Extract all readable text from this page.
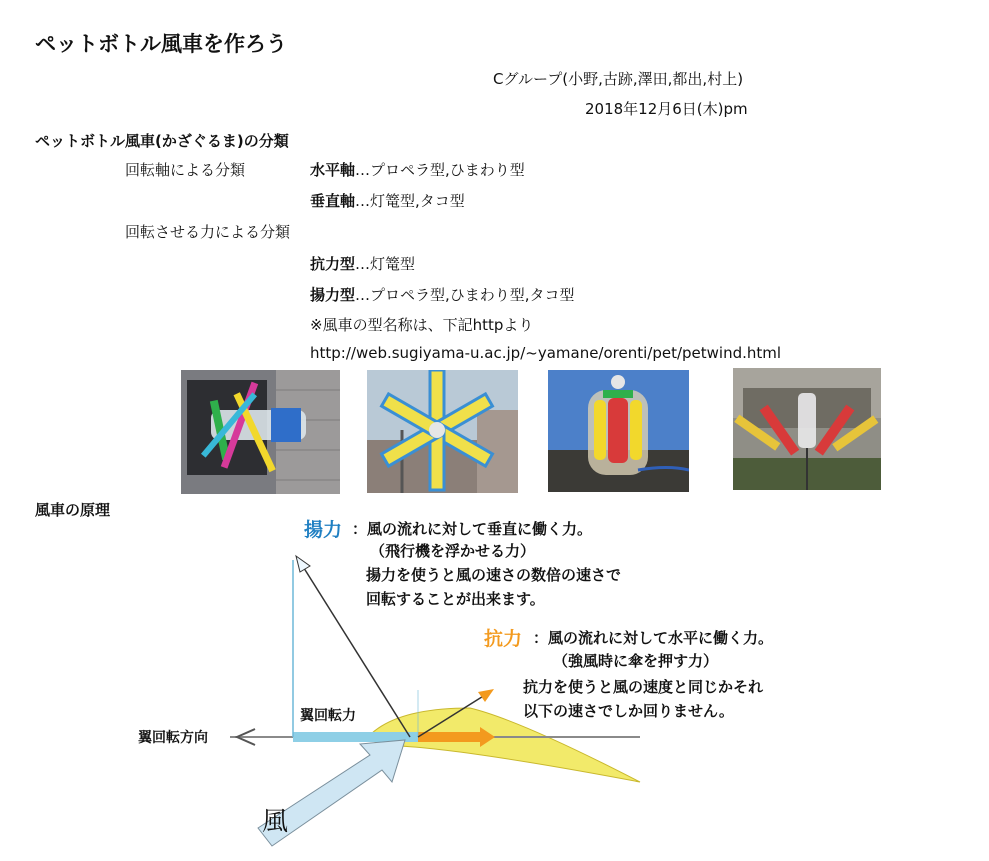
ペットボトル風車を作ろう
Cグループ(小野,古跡,澤田,都出,村上)
2018年12月6日(木)pm
ペットボトル風車(かざぐるま)の分類
回転軸による分類	水平軸…プロペラ型,ひまわり型
垂直軸…灯篭型,タコ型
回転させる力による分類
抗力型…灯篭型
揚力型…プロペラ型,ひまわり型,タコ型
※風車の型名称は、下記httpより
http://web.sugiyama-u.ac.jp/~yamane/orenti/pet/petwind.html
風車の原理
揚力 ：風の流れに対して垂直に働く力。
（飛行機を浮かせる力）
揚力を使うと風の速さの数倍の速さで
回転することが出来ます。
抗力 ：風の流れに対して水平に働く力。
（強風時に傘を押す力）
抗力を使うと風の速度と同じかそれ
以下の速さでしか回りません。
翼回転力
翼回転方向
風
